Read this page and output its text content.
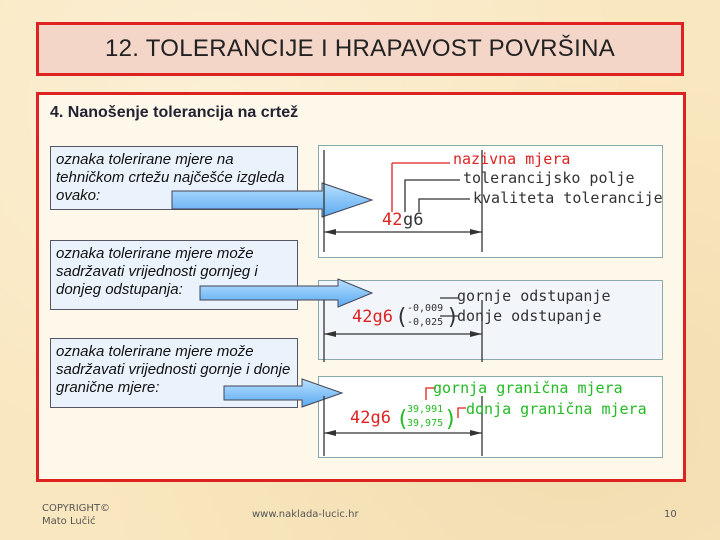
12. TOLERANCIJE I HRAPAVOST POVRŠINA
4. Nanošenje tolerancija na crtež
oznaka tolerirane mjere na tehničkom crtežu najčešće izgleda ovako:
oznaka tolerirane mjere može sadržavati vrijednosti gornjeg i donjeg odstupanja:
oznaka tolerirane mjere može sadržavati vrijednosti gornje i donje granične mjere:
42 g6
nazivna mjera
tolerancijsko polje
kvaliteta tolerancije
42g6 (
-0,009
-0,025 )
gornje odstupanje
donje odstupanje
42g6 (
39,991
39,975 )
gornja granična mjera
donja granična mjera
COPYRIGHT©
Mato Lučić
www.naklada-lucic.hr	10
